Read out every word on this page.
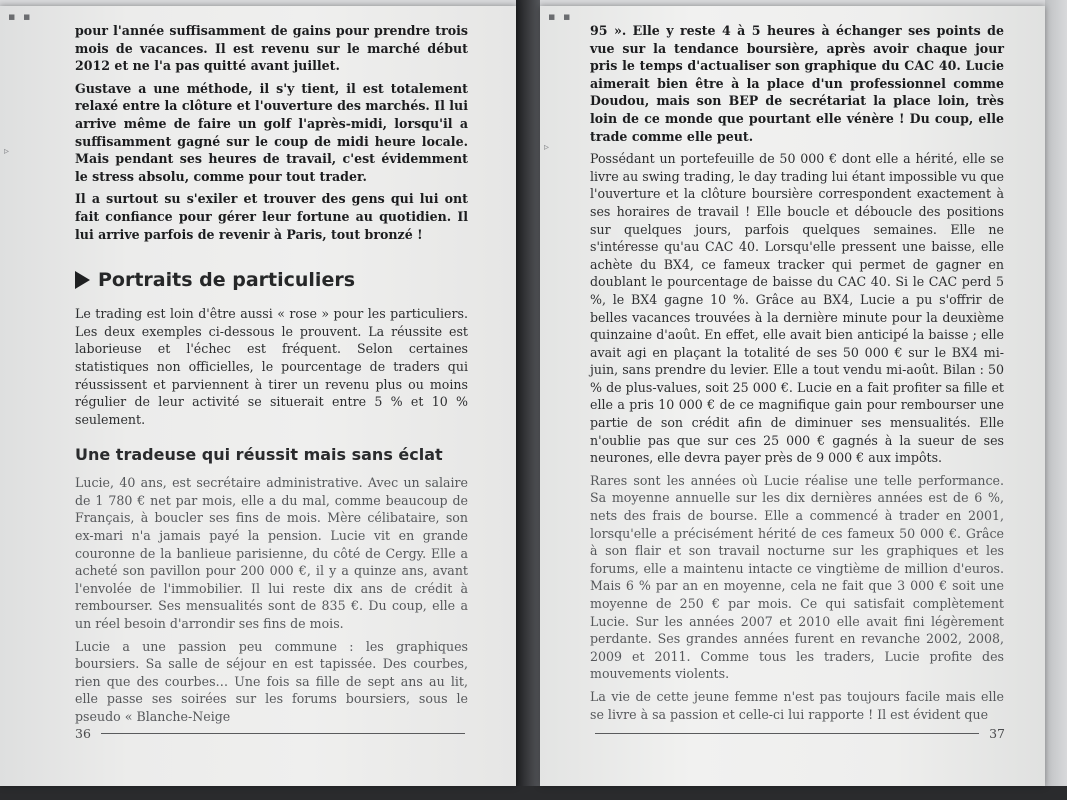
▪ ▪
▹

pour l'année suffisamment de gains pour prendre trois mois de vacances. Il est revenu sur le marché début 2012 et ne l'a pas quitté avant juillet.

Gustave a une méthode, il s'y tient, il est totalement relaxé entre la clôture et l'ouverture des marchés. Il lui arrive même de faire un golf l'après-midi, lorsqu'il a suffisamment gagné sur le coup de midi heure locale. Mais pendant ses heures de travail, c'est évidemment le stress absolu, comme pour tout trader.

Il a surtout su s'exiler et trouver des gens qui lui ont fait confiance pour gérer leur fortune au quotidien. Il lui arrive parfois de revenir à Paris, tout bronzé !

Portraits de particuliers

Le trading est loin d'être aussi « rose » pour les particuliers. Les deux exemples ci-dessous le prouvent. La réussite est laborieuse et l'échec est fréquent. Selon certaines statistiques non officielles, le pourcentage de traders qui réussissent et parviennent à tirer un revenu plus ou moins régulier de leur activité se situerait entre 5 % et 10 % seulement.

Une tradeuse qui réussit mais sans éclat

Lucie, 40 ans, est secrétaire administrative. Avec un salaire de 1 780 € net par mois, elle a du mal, comme beaucoup de Français, à boucler ses fins de mois. Mère célibataire, son ex-mari n'a jamais payé la pension. Lucie vit en grande couronne de la banlieue parisienne, du côté de Cergy. Elle a acheté son pavillon pour 200 000 €, il y a quinze ans, avant l'envolée de l'immobilier. Il lui reste dix ans de crédit à rembourser. Ses mensualités sont de 835 €. Du coup, elle a un réel besoin d'arrondir ses fins de mois.

Lucie a une passion peu commune : les graphiques boursiers. Sa salle de séjour en est tapissée. Des courbes, rien que des courbes… Une fois sa fille de sept ans au lit, elle passe ses soirées sur les forums boursiers, sous le pseudo « Blanche-Neige

36
▪ ▪
▹

95 ». Elle y reste 4 à 5 heures à échanger ses points de vue sur la tendance boursière, après avoir chaque jour pris le temps d'actualiser son graphique du CAC 40. Lucie aimerait bien être à la place d'un professionnel comme Doudou, mais son BEP de secrétariat la place loin, très loin de ce monde que pourtant elle vénère ! Du coup, elle trade comme elle peut.

Possédant un portefeuille de 50 000 € dont elle a hérité, elle se livre au swing trading, le day trading lui étant impossible vu que l'ouverture et la clôture boursière correspondent exactement à ses horaires de travail ! Elle boucle et déboucle des positions sur quelques jours, parfois quelques semaines. Elle ne s'intéresse qu'au CAC 40. Lorsqu'elle pressent une baisse, elle achète du BX4, ce fameux tracker qui permet de gagner en doublant le pourcentage de baisse du CAC 40. Si le CAC perd 5 %, le BX4 gagne 10 %. Grâce au BX4, Lucie a pu s'offrir de belles vacances trouvées à la dernière minute pour la deuxième quinzaine d'août. En effet, elle avait bien anticipé la baisse ; elle avait agi en plaçant la totalité de ses 50 000 € sur le BX4 mi-juin, sans prendre du levier. Elle a tout vendu mi-août. Bilan : 50 % de plus-values, soit 25 000 €. Lucie en a fait profiter sa fille et elle a pris 10 000 € de ce magnifique gain pour rembourser une partie de son crédit afin de diminuer ses mensualités. Elle n'oublie pas que sur ces 25 000 € gagnés à la sueur de ses neurones, elle devra payer près de 9 000 € aux impôts.

Rares sont les années où Lucie réalise une telle performance. Sa moyenne annuelle sur les dix dernières années est de 6 %, nets des frais de bourse. Elle a commencé à trader en 2001, lorsqu'elle a précisément hérité de ces fameux 50 000 €. Grâce à son flair et son travail nocturne sur les graphiques et les forums, elle a maintenu intacte ce vingtième de million d'euros. Mais 6 % par an en moyenne, cela ne fait que 3 000 € soit une moyenne de 250 € par mois. Ce qui satisfait complètement Lucie. Sur les années 2007 et 2010 elle avait fini légèrement perdante. Ses grandes années furent en revanche 2002, 2008, 2009 et 2011. Comme tous les traders, Lucie profite des mouvements violents.

La vie de cette jeune femme n'est pas toujours facile mais elle se livre à sa passion et celle-ci lui rapporte ! Il est évident que

37
